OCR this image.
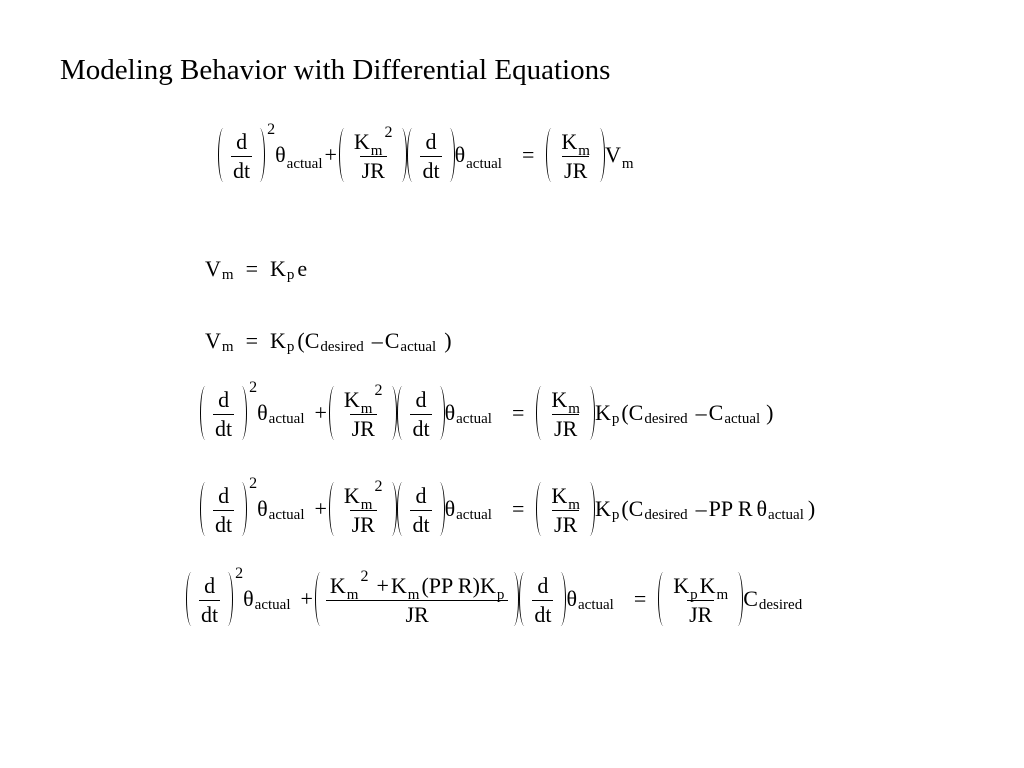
Modeling Behavior with Differential Equations
$\frac{d}{dt} 2$
$\theta_{actual} + K$ m
2
JR $\frac{d}{dt} \theta_{actual} = \frac{\text{K m}}{JR} V_m$
V m = K p e
V m = K p ( C desired – C actual )
$\frac{d}{dt} 2$
θ actual + K m
2
JR $\frac{d}{dt}$ θ actual = $\frac{\text{K m}}{JR}$ K p ( C desired – C actual )
$\frac{d}{dt} 2$
θ actual + K m
2
JR $\frac{d}{dt}$ θ actual = $\frac{\text{K m}}{JR}$ K p ( C desired – PP R θ actual )
$\frac{d}{dt} 2$
θ actual + K m
2 + K m ( PP R ) K p
JR $\frac{d}{dt}$ θ actual = $\frac{\text{K p K m}}{JR}$ C desired
